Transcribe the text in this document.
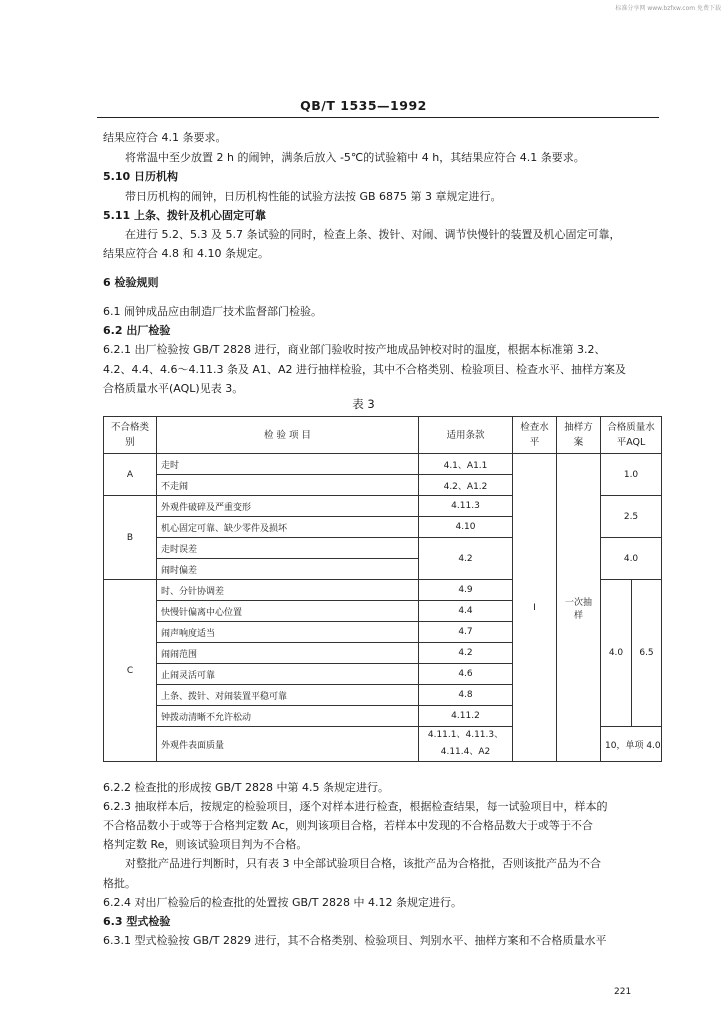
标准分享网 www.bzfxw.com 免费下载
QB/T 1535—1992
结果应符合 4.1 条要求。
将常温中至少放置 2 h 的闹钟，满条后放入 -5℃的试验箱中 4 h，其结果应符合 4.1 条要求。
5.10 日历机构
带日历机构的闹钟，日历机构性能的试验方法按 GB 6875 第 3 章规定进行。
5.11 上条、拨针及机心固定可靠
在进行 5.2、5.3 及 5.7 条试验的同时，检查上条、拨针、对闹、调节快慢针的装置及机心固定可靠，
结果应符合 4.8 和 4.10 条规定。
6 检验规则
6.1 闹钟成品应由制造厂技术监督部门检验。
6.2 出厂检验
6.2.1 出厂检验按 GB/T 2828 进行，商业部门验收时按产地成品钟校对时的温度，根据本标准第 3.2、
4.2、4.4、4.6～4.11.3 条及 A1、A2 进行抽样检验，其中不合格类别、检验项目、检查水平、抽样方案及
合格质量水平(AQL)见表 3。
表 3
不合格类别	检 验 项 目	适用条款	检查水平	抽样方案	合格质量水平AQL	
A	走时	4.1、A1.1	Ⅰ	一次抽样	1.0	
	不走闹	4.2、A1.2				
B	外观件破碎及严重变形	4.11.3			2.5	
	机心固定可靠、缺少零件及损坏	4.10				
	走时误差	4.2			4.0	
	闹时偏差					
C	时、分针协调差	4.9			4.0	6.5
	快慢针偏离中心位置	4.4				
	闹声响度适当	4.7				
	闹闹范围	4.2				
	止闹灵活可靠	4.6				
	上条、拨针、对闹装置平稳可靠	4.8				
	钟拨动清晰不允许松动	4.11.2				
	外观件表面质量	4.11.1、4.11.3、4.11.4、A2			10，单项 4.0	

6.2.2 检查批的形成按 GB/T 2828 中第 4.5 条规定进行。
6.2.3 抽取样本后，按规定的检验项目，逐个对样本进行检查，根据检查结果，每一试验项目中，样本的
不合格品数小于或等于合格判定数 Ac，则判该项目合格，若样本中发现的不合格品数大于或等于不合
格判定数 Re，则该试验项目判为不合格。
对整批产品进行判断时，只有表 3 中全部试验项目合格，该批产品为合格批，否则该批产品为不合
格批。
6.2.4 对出厂检验后的检查批的处置按 GB/T 2828 中 4.12 条规定进行。
6.3 型式检验
6.3.1 型式检验按 GB/T 2829 进行，其不合格类别、检验项目、判别水平、抽样方案和不合格质量水平
221
